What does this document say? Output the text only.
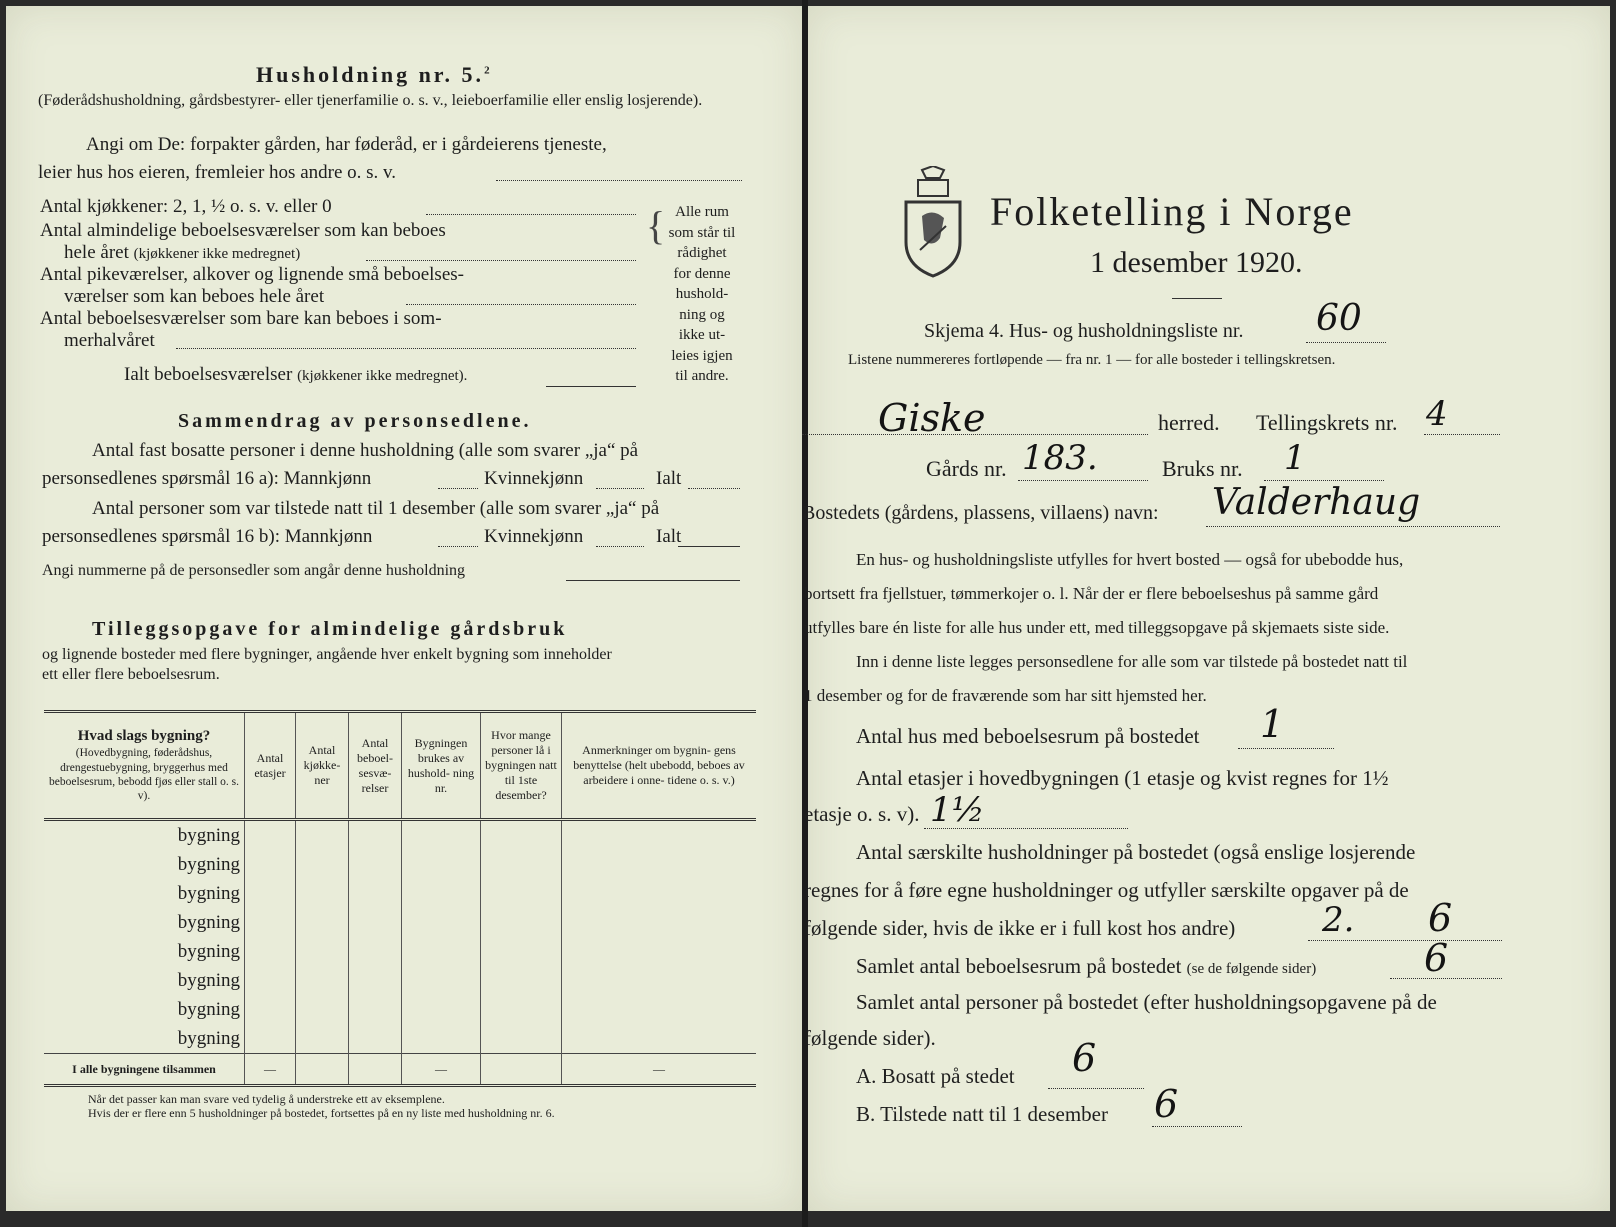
Husholdning nr. 5.$^2$
(Føderådshusholdning, gårdsbestyrer- eller tjenerfamilie o. s. v., leieboerfamilie eller enslig losjerende).
Angi om De: forpakter gården, har føderåd, er i gårdeierens tjeneste,
leier hus hos eieren, fremleier hos andre o. s. v.
Antal kjøkkener: 2, 1, ½ o. s. v. eller 0
Antal almindelige beboelsesværelser som kan beboes
hele året (kjøkkener ikke medregnet)
Antal pikeværelser, alkover og lignende små beboelses-
værelser som kan beboes hele året
Antal beboelsesværelser som bare kan beboes i som-
merhalvåret
Ialt beboelsesværelser (kjøkkener ikke medregnet).
{ Alle rum
som står til
rådighet
for denne
hushold-
ning og
ikke ut-
leies igjen
til andre.
Sammendrag av personsedlene.
Antal fast bosatte personer i denne husholdning (alle som svarer „ja“ på
personsedlenes spørsmål 16 a): Mannkjønn	Kvinnekjønn	Ialt
Antal personer som var tilstede natt til 1 desember (alle som svarer „ja“ på
personsedlenes spørsmål 16 b): Mannkjønn	Kvinnekjønn	Ialt
Angi nummerne på de personsedler som angår denne husholdning
Tilleggsopgave for almindelige gårdsbruk
og lignende bosteder med flere bygninger, angående hver enkelt bygning som inneholder
ett eller flere beboelsesrum.
Hvad slags bygning?
(Hovedbygning, føderådshus, drengestuebygning, bryggerhus med beboelsesrum, bebodd fjøs eller stall o. s. v).	Antal etasjer	Antal kjøkke- ner	Antal beboel- sesvæ- relser	Bygningen brukes av hushold- ning nr.	Hvor mange personer lå i bygningen natt til 1ste desember?	Anmerkninger om bygnin- gens benyttelse (helt ubebodd, beboes av arbeidere i onne- tidene o. s. v.)
bygning						
bygning						
bygning						
bygning						
bygning						
bygning						
bygning						
bygning						
I alle bygningene tilsammen	—			—		—
Når det passer kan man svare ved tydelig å understreke ett av eksemplene.
Hvis der er flere enn 5 husholdninger på bostedet, fortsettes på en ny liste med husholdning nr. 6.
Folketelling i Norge
1 desember 1920.
Skjema 4. Hus- og husholdningsliste nr. 60
Listene nummereres fortløpende — fra nr. 1 — for alle bosteder i tellingskretsen.
Giske	herred. Tellingskrets nr. 4
Gårds nr. 183.	Bruks nr. 1
Bostedets (gårdens, plassens, villaens) navn: Valderhaug
En hus- og husholdningsliste utfylles for hvert bosted — også for ubebodde hus,
bortsett fra fjellstuer, tømmerkojer o. l. Når der er flere beboelseshus på samme gård
utfylles bare én liste for alle hus under ett, med tilleggsopgave på skjemaets siste side.
Inn i denne liste legges personsedlene for alle som var tilstede på bostedet natt til
1 desember og for de fraværende som har sitt hjemsted her.
Antal hus med beboelsesrum på bostedet 1
Antal etasjer i hovedbygningen (1 etasje og kvist regnes for 1½
etasje o. s. v). 1½
Antal særskilte husholdninger på bostedet (også enslige losjerende
regnes for å føre egne husholdninger og utfyller særskilte opgaver på de
følgende sider, hvis de ikke er i full kost hos andre)	2. 6
Samlet antal beboelsesrum på bostedet (se de følgende sider)	6
Samlet antal personer på bostedet (efter husholdningsopgavene på de
følgende sider).
A. Bosatt på stedet 6
B. Tilstede natt til 1 desember 6
